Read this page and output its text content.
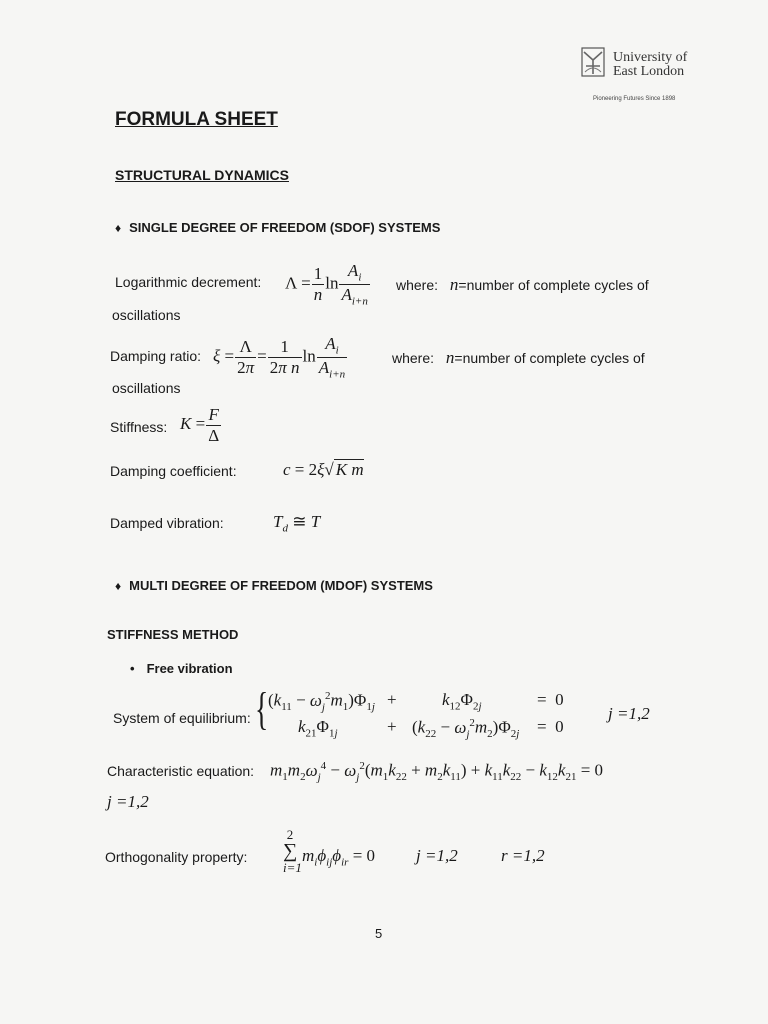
University of
East London
Pioneering Futures Since 1898
FORMULA SHEET
STRUCTURAL DYNAMICS
♦ SINGLE DEGREE OF FREEDOM (SDOF) SYSTEMS
Logarithmic decrement: $\Lambda = \frac{1}{n}$ $\ln \frac{A_i}{A_{i+n}}$ where: n=number of complete cycles of
oscillations
Damping ratio: $\xi = \frac{\Lambda}{2\pi} = \frac{1}{\text{2π n}}$ $\ln \frac{A_i}{A_{i+n}}$	where: n=number of complete cycles of
oscillations
Stiffness: $K = \frac{F}{\Delta}$
Damping coefficient:	c = 2ξ√ K m
Damped vibration:	$T_d$ ≅ T
♦ MULTI DEGREE OF FREEDOM (MDOF) SYSTEMS
STIFFNESS METHOD
• Free vibration
System of equilibrium: { $(k_{11} - \omega_j^2m_1)\Phi_{1j}$ +	$k_{12}\Phi_{2j}$	=  0
$k_{21}\Phi_{1j}$	+ $(k_{22} - \omega_j^2m_2)\Phi_{2j} = 0$
j =1,2
Characteristic equation: $m_1m_2\omega_j^4 - \omega_j^2(m_1k_{22} + m_2k_{11}) + k_{11}k_{22} - k_{12}k_{21} = 0$
j =1,2
Orthogonality property:
2
∑
i=1
$m_i\phi_{ij}\phi_{ir} = 0$ j =1,2	r =1,2
5
